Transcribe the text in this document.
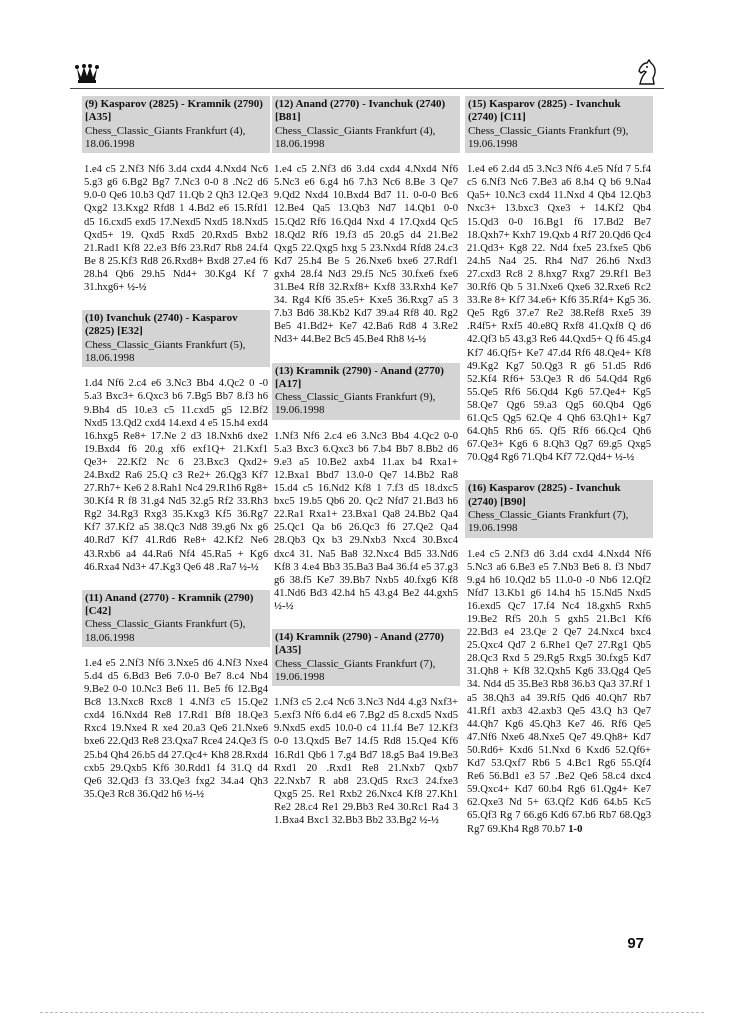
(9) Kasparov (2825) - Kramnik (2790) [A35]
Chess_Classic_Giants Frankfurt (4),
18.06.1998
1.e4 c5 2.Nf3 Nf6 3.d4 cxd4 4.Nxd4 Nc6 5.g3 g6 6.Bg2 Bg7 7.Nc3 0-0 8 .Nc2 d6 9.0-0 Qe6 10.b3 Qd7 11.Qb 2 Qh3 12.Qe3 Qxg2 13.Kxg2 Rfd8 1 4.Bd2 e6 15.Rfd1 d5 16.cxd5 exd5 17.Nexd5 Nxd5 18.Nxd5 Qxd5+ 19. Qxd5 Rxd5 20.Rxd5 Bxb2 21.Rad1 Kf8 22.e3 Bf6 23.Rd7 Rb8 24.f4 Be 8 25.Kf3 Rd8 26.Rxd8+ Bxd8 27.e4 f6 28.h4 Qb6 29.h5 Nd4+ 30.Kg4 Kf 7 31.hxg6+ ½-½
(10) Ivanchuk (2740) - Kasparov (2825) [E32]
Chess_Classic_Giants Frankfurt (5),
18.06.1998
1.d4 Nf6 2.c4 e6 3.Nc3 Bb4 4.Qc2 0 -0 5.a3 Bxc3+ 6.Qxc3 b6 7.Bg5 Bb7 8.f3 h6 9.Bh4 d5 10.e3 c5 11.cxd5 g5 12.Bf2 Nxd5 13.Qd2 cxd4 14.exd 4 e5 15.h4 exd4 16.hxg5 Re8+ 17.Ne 2 d3 18.Nxh6 dxe2 19.Bxd4 f6 20.g xf6 exf1Q+ 21.Kxf1 Qe3+ 22.Kf2 Nc 6 23.Bxc3 Qxd2+ 24.Bxd2 Ra6 25.Q c3 Re2+ 26.Qg3 Kf7 27.Rh7+ Ke6 2 8.Rah1 Nc4 29.R1h6 Rg8+ 30.Kf4 R f8 31.g4 Nd5 32.g5 Rf2 33.Rh3 Rg2 34.Rg3 Rxg3 35.Kxg3 Kf5 36.Rg7 Kf7 37.Kf2 a5 38.Qc3 Nd8 39.g6 Nx g6 40.Rd7 Kf7 41.Rd6 Re8+ 42.Kf2 Ne6 43.Rxb6 a4 44.Ra6 Nf4 45.Ra5 + Kg6 46.Rxa4 Nd3+ 47.Kg3 Qe6 48 .Ra7 ½-½
(11) Anand (2770) - Kramnik (2790) [C42]
Chess_Classic_Giants Frankfurt (5),
18.06.1998
1.e4 e5 2.Nf3 Nf6 3.Nxe5 d6 4.Nf3 Nxe4 5.d4 d5 6.Bd3 Be6 7.0-0 Be7 8.c4 Nb4 9.Be2 0-0 10.Nc3 Be6 11. Be5 f6 12.Bg4 Bc8 13.Nxc8 Rxc8 1 4.Nf3 c5 15.Qe2 cxd4 16.Nxd4 Re8 17.Rd1 Bf8 18.Qe3 Rxc4 19.Nxe4 R xe4 20.a3 Qe6 21.Nxe6 bxe6 22.Qd3 Re8 23.Qxa7 Rce4 24.Qe3 f5 25.b4 Qh4 26.b5 d4 27.Qc4+ Kh8 28.Rxd4 cxb5 29.Qxb5 Kf6 30.Rdd1 f4 31.Q d4 Qe6 32.Qd3 f3 33.Qe3 fxg2 34.a4 Qh3 35.Qe3 Rc8 36.Qd2 h6 ½-½
(12) Anand (2770) - Ivanchuk (2740) [B81]
Chess_Classic_Giants Frankfurt (4),
18.06.1998
1.e4 c5 2.Nf3 d6 3.d4 cxd4 4.Nxd4 Nf6 5.Nc3 e6 6.g4 h6 7.h3 Nc6 8.Be 3 Qe7 9.Qd2 Nxd4 10.Bxd4 Bd7 11. 0-0-0 Bc6 12.Be4 Qa5 13.Qb3 Nd7 14.Qb1 0-0 15.Qd2 Rf6 16.Qd4 Nxd 4 17.Qxd4 Qc5 18.Qd2 Rf6 19.f3 d5 20.g5 d4 21.Be2 Qxg5 22.Qxg5 hxg 5 23.Nxd4 Rfd8 24.c3 Kd7 25.h4 Be 5 26.Nxe6 bxe6 27.Rdf1 gxh4 28.f4 Nd3 29.f5 Nc5 30.fxe6 fxe6 31.Be4 Rf8 32.Rxf8+ Kxf8 33.Rxh4 Ke7 34. Rg4 Kf6 35.e5+ Kxe5 36.Rxg7 a5 3 7.b3 Bd6 38.Kb2 Kd7 39.a4 Rf8 40. Rg2 Be5 41.Bd2+ Ke7 42.Ba6 Rd8 4 3.Re2 Nd3+ 44.Be2 Bc5 45.Be4 Rh8 ½-½
(13) Kramnik (2790) - Anand (2770) [A17]
Chess_Classic_Giants Frankfurt (9),
19.06.1998
1.Nf3 Nf6 2.c4 e6 3.Nc3 Bb4 4.Qc2 0-0 5.a3 Bxc3 6.Qxc3 b6 7.b4 Bb7 8.Bb2 d6 9.e3 a5 10.Be2 axb4 11.ax b4 Rxa1+ 12.Bxa1 Bbd7 13.0-0 Qe7 14.Bb2 Ra8 15.d4 c5 16.Nd2 Kf8 1 7.f3 d5 18.dxc5 bxc5 19.b5 Qb6 20. Qc2 Nfd7 21.Bd3 h6 22.Ra1 Rxa1+ 23.Bxa1 Qa8 24.Bb2 Qa4 25.Qc1 Qa b6 26.Qc3 f6 27.Qe2 Qa4 28.Qb3 Qx b3 29.Nxb3 Nxc4 30.Bxc4 dxc4 31. Na5 Ba8 32.Nxc4 Bd5 33.Nd6 Kf8 3 4.e4 Bb3 35.Ba3 Ba4 36.f4 e5 37.g3 g6 38.f5 Ke7 39.Bb7 Nxb5 40.fxg6 Kf8 41.Nd6 Bd3 42.h4 h5 43.g4 Be2 44.gxh5 ½-½
(14) Kramnik (2790) - Anand (2770) [A35]
Chess_Classic_Giants Frankfurt (7),
19.06.1998
1.Nf3 c5 2.c4 Nc6 3.Nc3 Nd4 4.g3 Nxf3+ 5.exf3 Nf6 6.d4 e6 7.Bg2 d5 8.cxd5 Nxd5 9.Nxd5 exd5 10.0-0 c4 11.f4 Be7 12.Kf3 0-0 13.Qxd5 Be7 14.f5 Rd8 15.Qe4 Kf6 16.Rd1 Qb6 1 7.g4 Bd7 18.g5 Ba4 19.Be3 Rxd1 20 .Rxd1 Re8 21.Nxb7 Qxb7 22.Nxb7 R ab8 23.Qd5 Rxc3 24.fxe3 Qxg5 25. Re1 Rxb2 26.Nxc4 Kf8 27.Kh1 Re2 28.c4 Re1 29.Bb3 Re4 30.Rc1 Ra4 3 1.Bxa4 Bxc1 32.Bb3 Bb2 33.Bg2 ½-½
(15) Kasparov (2825) - Ivanchuk (2740) [C11]
Chess_Classic_Giants Frankfurt (9),
19.06.1998
1.e4 e6 2.d4 d5 3.Nc3 Nf6 4.e5 Nfd 7 5.f4 c5 6.Nf3 Nc6 7.Be3 a6 8.h4 Q b6 9.Na4 Qa5+ 10.Nc3 cxd4 11.Nxd 4 Qb4 12.Qb3 Nxc3+ 13.bxc3 Qxe3 + 14.Kf2 Qb4 15.Qd3 0-0 16.Bg1 f6 17.Bd2 Be7 18.Qxh7+ Kxh7 19.Qxb 4 Rf7 20.Qd6 Qc4 21.Qd3+ Kg8 22. Nd4 fxe5 23.fxe5 Qb6 24.h5 Na4 25. Rh4 Nd7 26.h6 Nxd3 27.cxd3 Rc8 2 8.hxg7 Rxg7 29.Rf1 Be3 30.Rf6 Qb 5 31.Nxe6 Qxe6 32.Rxe6 Rc2 33.Re 8+ Kf7 34.e6+ Kf6 35.Rf4+ Kg5 36. Qe5 Rg6 37.e7 Re2 38.Ref8 Rxe5 39 .R4f5+ Rxf5 40.e8Q Rxf8 41.Qxf8 Q d6 42.Qf3 b5 43.g3 Re6 44.Qxd5+ Q f6 45.g4 Kf7 46.Qf5+ Ke7 47.d4 Rf6 48.Qe4+ Kf8 49.Kg2 Kg7 50.Qg3 R g6 51.d5 Rd6 52.Kf4 Rf6+ 53.Qe3 R d6 54.Qd4 Rg6 55.Qe5 Rf6 56.Qd4 Kg6 57.Qe4+ Kg5 58.Qe7 Qg6 59.a3 Qg5 60.Qb4 Qg6 61.Qc5 Qg5 62.Qe 4 Qh6 63.Qh1+ Kg7 64.Qh5 Rh6 65. Qf5 Rf6 66.Qc4 Qh6 67.Qe3+ Kg6 6 8.Qh3 Qg7 69.g5 Qxg5 70.Qg4 Rg6 71.Qb4 Kf7 72.Qd4+ ½-½
(16) Kasparov (2825) - Ivanchuk (2740) [B90]
Chess_Classic_Giants Frankfurt (7),
19.06.1998
1.e4 c5 2.Nf3 d6 3.d4 cxd4 4.Nxd4 Nf6 5.Nc3 a6 6.Be3 e5 7.Nb3 Be6 8. f3 Nbd7 9.g4 h6 10.Qd2 b5 11.0-0 -0 Nb6 12.Qf2 Nfd7 13.Kb1 g6 14.h4 h5 15.Nd5 Nxd5 16.exd5 Qc7 17.f4 Nc4 18.gxh5 Rxh5 19.Be2 Rf5 20.h 5 gxh5 21.Bc1 Kf6 22.Bd3 e4 23.Qe 2 Qe7 24.Nxc4 bxc4 25.Qxc4 Qd7 2 6.Rhe1 Qe7 27.Rg1 Qb5 28.Qc3 Rxd 5 29.Rg5 Rxg5 30.fxg5 Kd7 31.Qh8 + Kf8 32.Qxh5 Kg6 33.Qg4 Qe5 34. Nd4 d5 35.Be3 Rb8 36.b3 Qa3 37.Rf 1 a5 38.Qh3 a4 39.Rf5 Qd6 40.Qh7 Rb7 41.Rf1 axb3 42.axb3 Qe5 43.Q h3 Qe7 44.Qh7 Kg6 45.Qh3 Ke7 46. Rf6 Qe5 47.Nf6 Nxe6 48.Nxe5 Qe7 49.Qh8+ Kd7 50.Rd6+ Kxd6 51.Nxd 6 Kxd6 52.Qf6+ Kd7 53.Qxf7 Rb6 5 4.Bc1 Rg6 55.Qf4 Re6 56.Bd1 e3 57 .Be2 Qe6 58.c4 dxc4 59.Qxc4+ Kd7 60.b4 Rg6 61.Qg4+ Ke7 62.Qxe3 Nd 5+ 63.Qf2 Kd6 64.b5 Kc5 65.Qf3 Rg 7 66.g6 Kd6 67.b6 Rb7 68.Qg3 Rg7 69.Kh4 Rg8 70.b7 1-0
97
